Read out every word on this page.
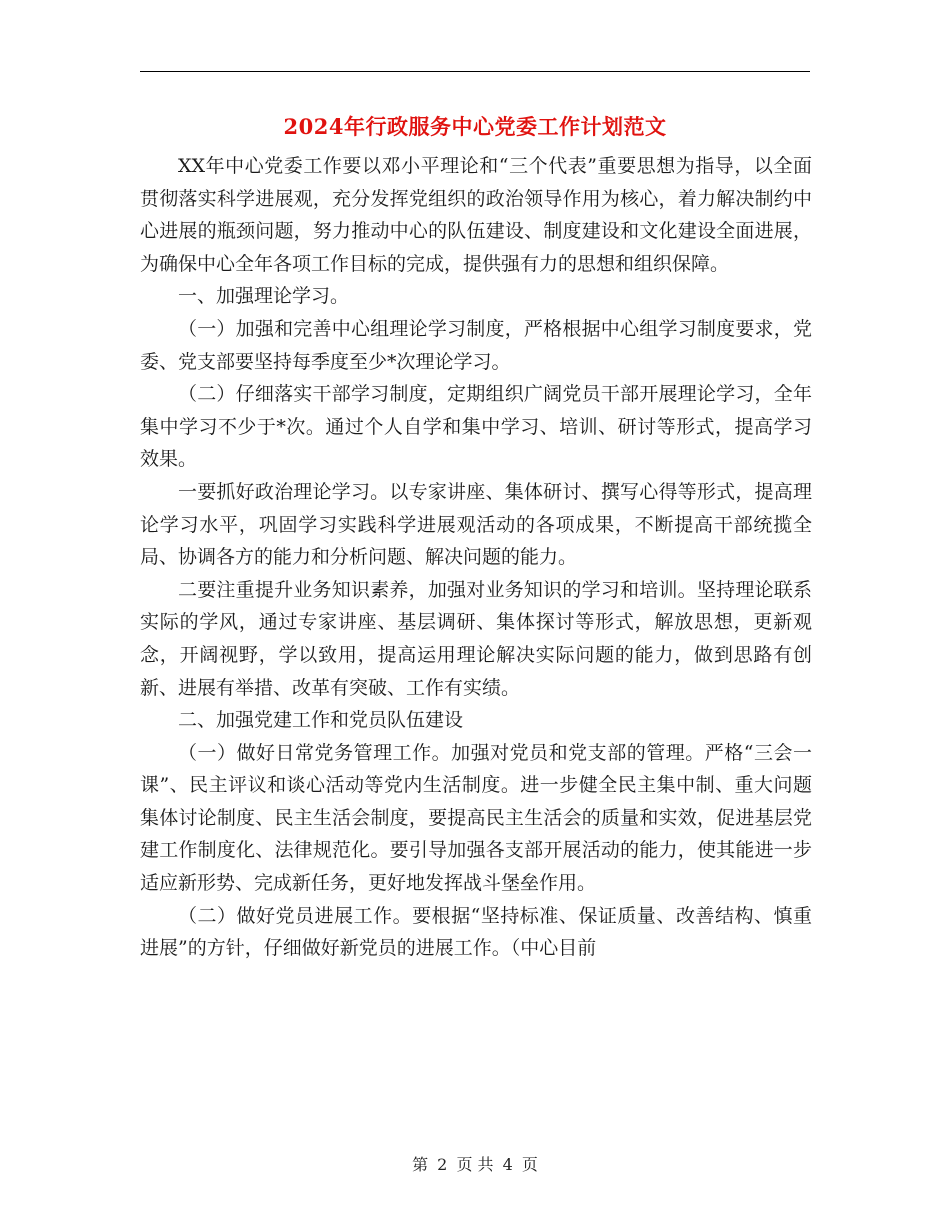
2024年行政服务中心党委工作计划范文

XX年中心党委工作要以邓小平理论和“三个代表”重要思想为指导，以全面贯彻落实科学进展观，充分发挥党组织的政治领导作用为核心，着力解决制约中心进展的瓶颈问题，努力推动中心的队伍建设、制度建设和文化建设全面进展，为确保中心全年各项工作目标的完成，提供强有力的思想和组织保障。

一、加强理论学习。

（一）加强和完善中心组理论学习制度，严格根据中心组学习制度要求，党委、党支部要坚持每季度至少*次理论学习。

（二）仔细落实干部学习制度，定期组织广阔党员干部开展理论学习，全年集中学习不少于*次。通过个人自学和集中学习、培训、研讨等形式，提高学习效果。

一要抓好政治理论学习。以专家讲座、集体研讨、撰写心得等形式，提高理论学习水平，巩固学习实践科学进展观活动的各项成果，不断提高干部统揽全局、协调各方的能力和分析问题、解决问题的能力。

二要注重提升业务知识素养，加强对业务知识的学习和培训。坚持理论联系实际的学风，通过专家讲座、基层调研、集体探讨等形式，解放思想，更新观念，开阔视野，学以致用，提高运用理论解决实际问题的能力，做到思路有创新、进展有举措、改革有突破、工作有实绩。

二、加强党建工作和党员队伍建设

（一）做好日常党务管理工作。加强对党员和党支部的管理。严格“三会一课”、民主评议和谈心活动等党内生活制度。进一步健全民主集中制、重大问题集体讨论制度、民主生活会制度，要提高民主生活会的质量和实效，促进基层党建工作制度化、法律规范化。要引导加强各支部开展活动的能力，使其能进一步适应新形势、完成新任务，更好地发挥战斗堡垒作用。

（二）做好党员进展工作。要根据“坚持标准、保证质量、改善结构、慎重进展”的方针，仔细做好新党员的进展工作。（中心目前

第 2 页 共 4 页
